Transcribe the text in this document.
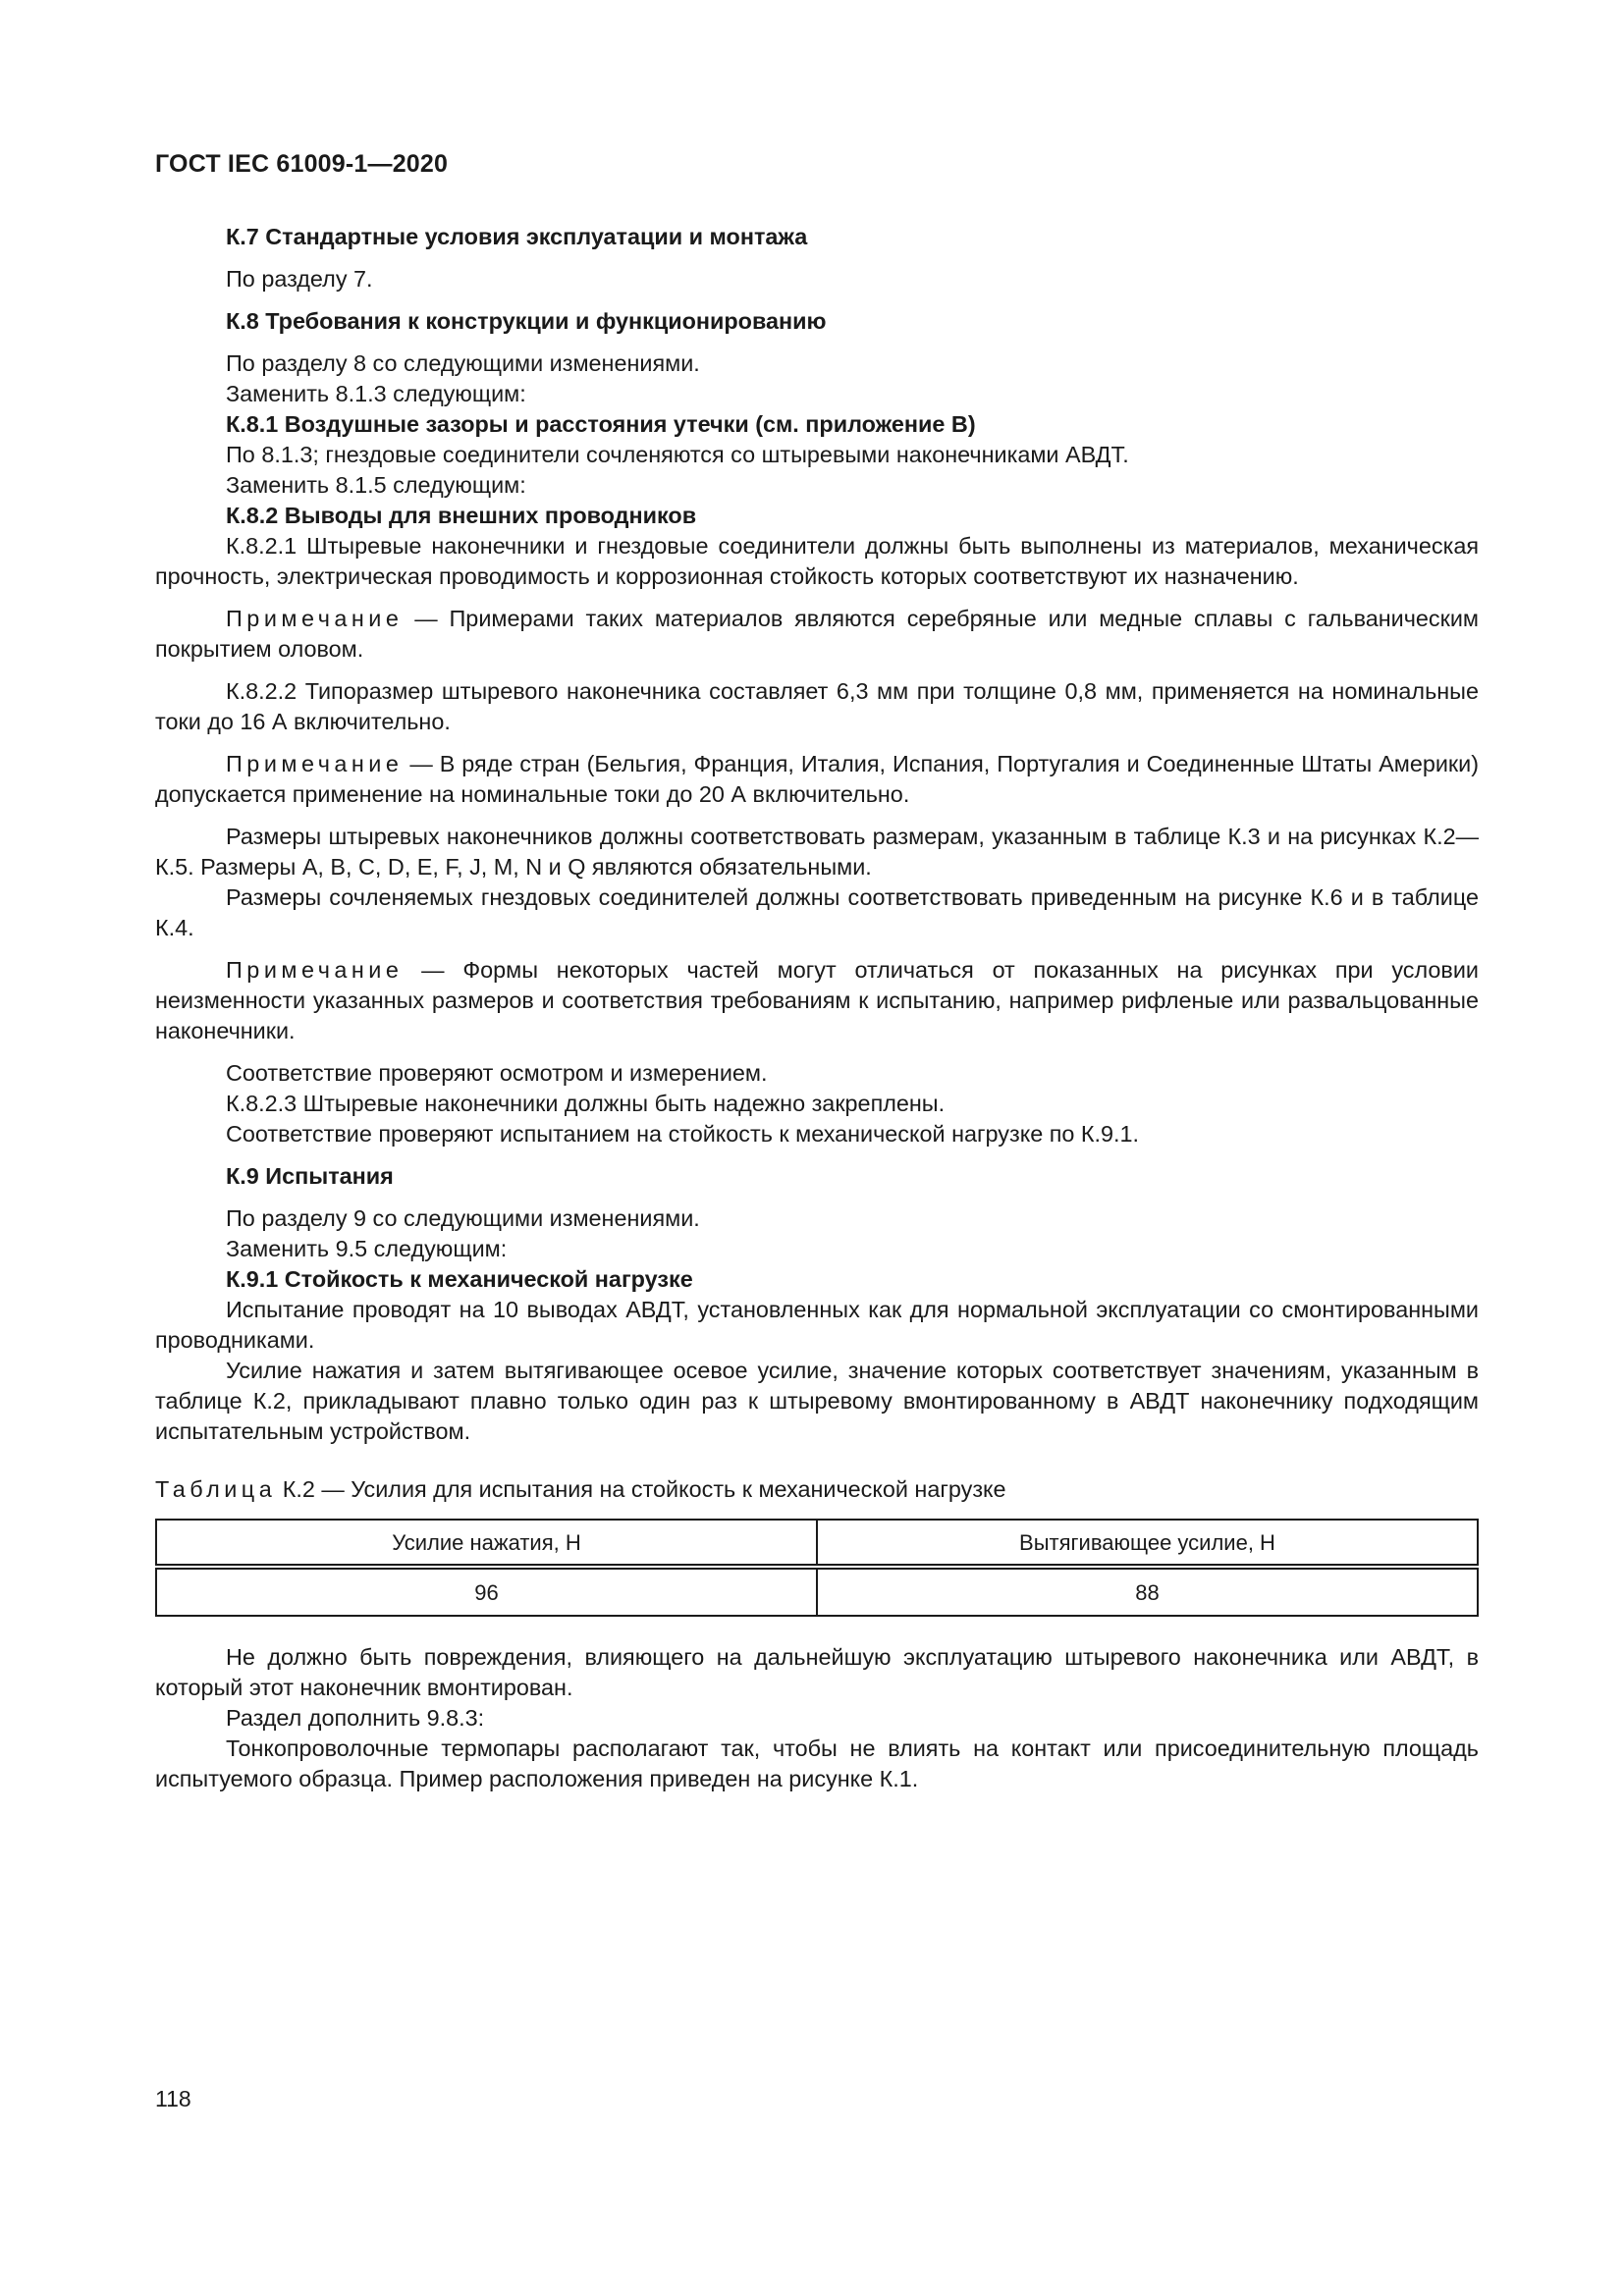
ГОСТ IEC 61009-1—2020

К.7 Стандартные условия эксплуатации и монтажа

По разделу 7.

К.8 Требования к конструкции и функционированию

По разделу 8 со следующими изменениями.

Заменить 8.1.3 следующим:

К.8.1 Воздушные зазоры и расстояния утечки (см. приложение В)

По 8.1.3; гнездовые соединители сочленяются со штыревыми наконечниками АВДТ.

Заменить 8.1.5 следующим:

К.8.2 Выводы для внешних проводников

К.8.2.1 Штыревые наконечники и гнездовые соединители должны быть выполнены из материалов, механическая прочность, электрическая проводимость и коррозионная стойкость которых соответствуют их назначению.

Примечание — Примерами таких материалов являются серебряные или медные сплавы с гальваническим покрытием оловом.

К.8.2.2 Типоразмер штыревого наконечника составляет 6,3 мм при толщине 0,8 мм, применяется на номинальные токи до 16 А включительно.

Примечание — В ряде стран (Бельгия, Франция, Италия, Испания, Португалия и Соединенные Штаты Америки) допускается применение на номинальные токи до 20 А включительно.

Размеры штыревых наконечников должны соответствовать размерам, указанным в таблице К.3 и на рисунках К.2—К.5. Размеры А, В, С, D, Е, F, J, М, N и Q являются обязательными.

Размеры сочленяемых гнездовых соединителей должны соответствовать приведенным на рисунке К.6 и в таблице К.4.

Примечание — Формы некоторых частей могут отличаться от показанных на рисунках при условии неизменности указанных размеров и соответствия требованиям к испытанию, например рифленые или развальцованные наконечники.

Соответствие проверяют осмотром и измерением.

К.8.2.3 Штыревые наконечники должны быть надежно закреплены.

Соответствие проверяют испытанием на стойкость к механической нагрузке по К.9.1.

К.9 Испытания

По разделу 9 со следующими изменениями.

Заменить 9.5 следующим:

К.9.1 Стойкость к механической нагрузке

Испытание проводят на 10 выводах АВДТ, установленных как для нормальной эксплуатации со смонтированными проводниками.

Усилие нажатия и затем вытягивающее осевое усилие, значение которых соответствует значениям, указанным в таблице К.2, прикладывают плавно только один раз к штыревому вмонтированному в АВДТ наконечнику подходящим испытательным устройством.

Таблица К.2 — Усилия для испытания на стойкость к механической нагрузке

Усилие нажатия, Н	Вытягивающее усилие, Н
96	88

Не должно быть повреждения, влияющего на дальнейшую эксплуатацию штыревого наконечника или АВДТ, в который этот наконечник вмонтирован.

Раздел дополнить 9.8.3:

Тонкопроволочные термопары располагают так, чтобы не влиять на контакт или присоединительную площадь испытуемого образца. Пример расположения приведен на рисунке К.1.

118
